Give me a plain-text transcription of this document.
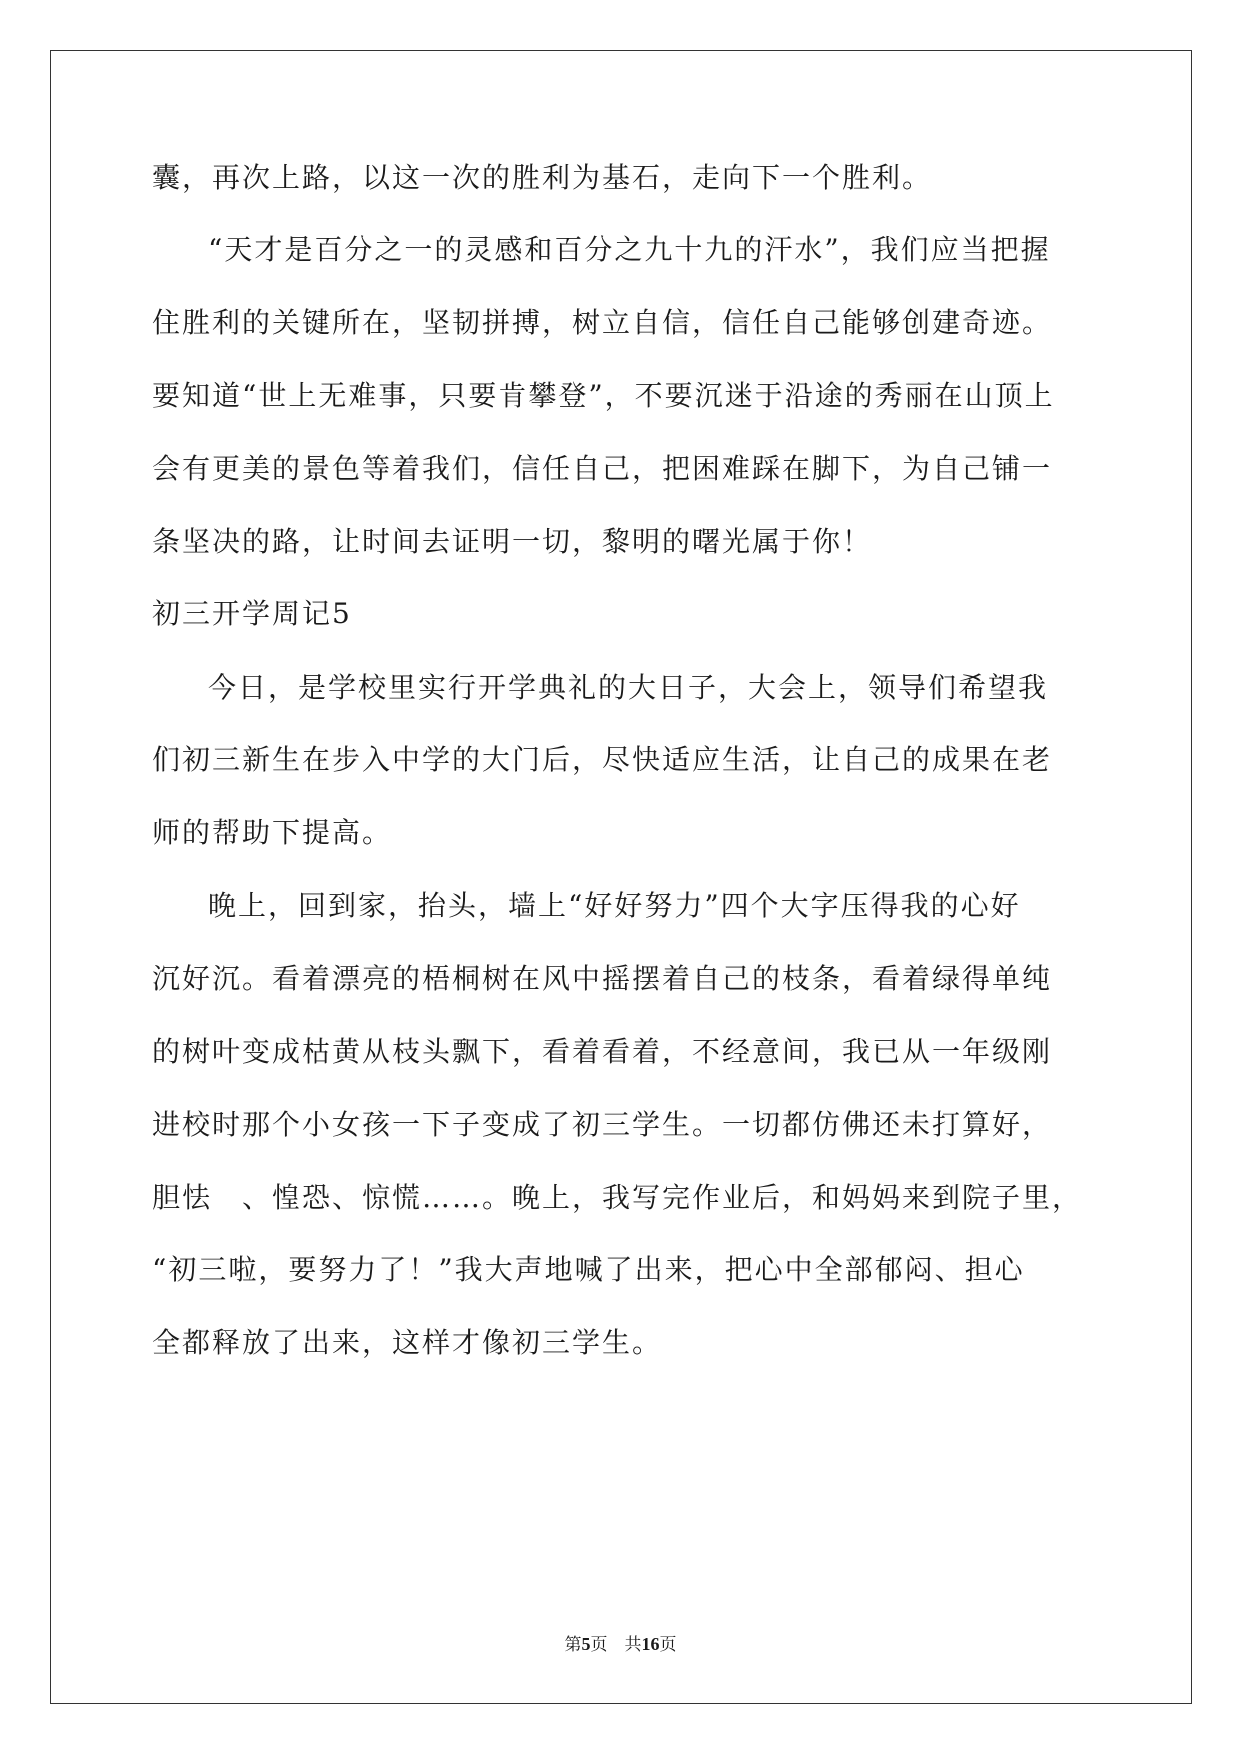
囊，再次上路，以这一次的胜利为基石，走向下一个胜利。
“天才是百分之一的灵感和百分之九十九的汗水”，我们应当把握
住胜利的关键所在，坚韧拼搏，树立自信，信任自己能够创建奇迹。
要知道“世上无难事，只要肯攀登”，不要沉迷于沿途的秀丽在山顶上
会有更美的景色等着我们，信任自己，把困难踩在脚下，为自己铺一
条坚决的路，让时间去证明一切，黎明的曙光属于你！
初三开学周记5
今日，是学校里实行开学典礼的大日子，大会上，领导们希望我
们初三新生在步入中学的大门后，尽快适应生活，让自己的成果在老
师的帮助下提高。
晚上，回到家，抬头，墙上“好好努力”四个大字压得我的心好
沉好沉。看着漂亮的梧桐树在风中摇摆着自己的枝条，看着绿得单纯
的树叶变成枯黄从枝头飘下，看着看着，不经意间，我已从一年级刚
进校时那个小女孩一下子变成了初三学生。一切都仿佛还未打算好，
胆怯　、惶恐、惊慌……。晚上，我写完作业后，和妈妈来到院子里，
“初三啦，要努力了！”我大声地喊了出来，把心中全部郁闷、担心
全都释放了出来，这样才像初三学生。
第5页　共16页
